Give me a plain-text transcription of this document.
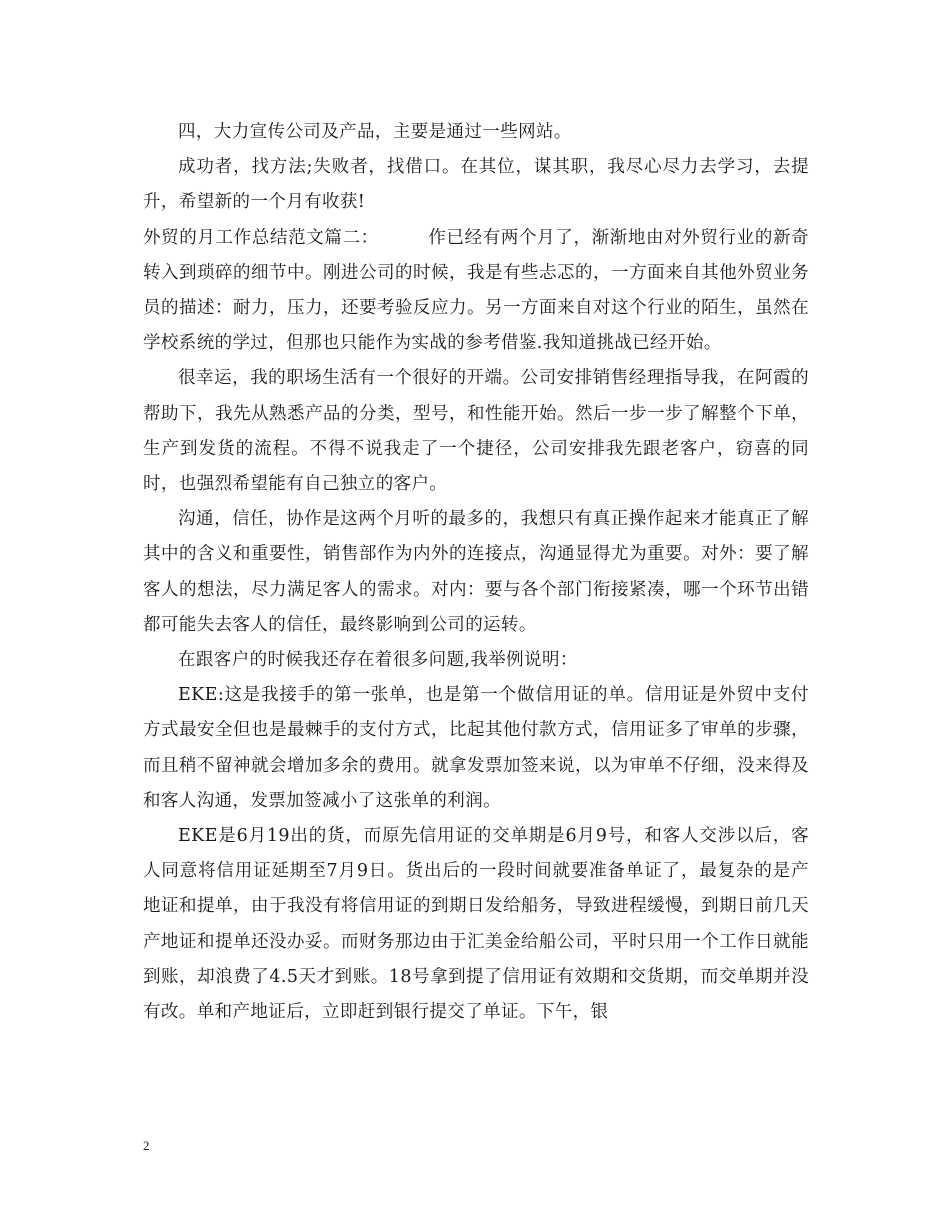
四，大力宣传公司及产品，主要是通过一些网站。

成功者，找方法;失败者，找借口。在其位，谋其职，我尽心尽力去学习，去提升，希望新的一个月有收获!

外贸的月工作总结范文篇二：        作已经有两个月了，渐渐地由对外贸行业的新奇转入到琐碎的细节中。刚进公司的时候，我是有些忐忑的，一方面来自其他外贸业务员的描述：耐力，压力，还要考验反应力。另一方面来自对这个行业的陌生，虽然在学校系统的学过，但那也只能作为实战的参考借鉴.我知道挑战已经开始。

很幸运，我的职场生活有一个很好的开端。公司安排销售经理指导我，在阿霞的帮助下，我先从熟悉产品的分类，型号，和性能开始。然后一步一步了解整个下单，生产到发货的流程。不得不说我走了一个捷径，公司安排我先跟老客户，窃喜的同时，也强烈希望能有自己独立的客户。

沟通，信任，协作是这两个月听的最多的，我想只有真正操作起来才能真正了解其中的含义和重要性，销售部作为内外的连接点，沟通显得尤为重要。对外：要了解客人的想法，尽力满足客人的需求。对内：要与各个部门衔接紧凑，哪一个环节出错都可能失去客人的信任，最终影响到公司的运转。

在跟客户的时候我还存在着很多问题,我举例说明：

EKE:这是我接手的第一张单，也是第一个做信用证的单。信用证是外贸中支付方式最安全但也是最棘手的支付方式，比起其他付款方式，信用证多了审单的步骤，而且稍不留神就会增加多余的费用。就拿发票加签来说，以为审单不仔细，没来得及和客人沟通，发票加签减小了这张单的利润。

EKE是6月19出的货，而原先信用证的交单期是6月9号，和客人交涉以后，客人同意将信用证延期至7月9日。货出后的一段时间就要准备单证了，最复杂的是产地证和提单，由于我没有将信用证的到期日发给船务，导致进程缓慢，到期日前几天产地证和提单还没办妥。而财务那边由于汇美金给船公司，平时只用一个工作日就能到账，却浪费了4.5天才到账。18号拿到提了信用证有效期和交货期，而交单期并没有改。单和产地证后，立即赶到银行提交了单证。下午，银

2
